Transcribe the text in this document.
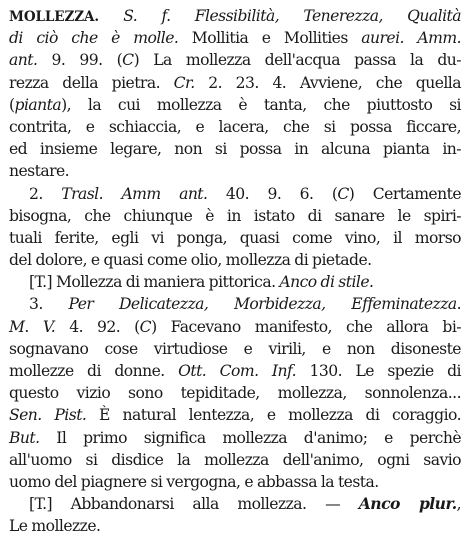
MOLLEZZA. S. f. Flessibilità, Tenerezza, Qualità
di ciò che è molle. Mollitia e Mollities aurei. Amm.
ant. 9. 99. (C) La mollezza dell'acqua passa la du-
rezza della pietra. Cr. 2. 23. 4. Avviene, che quella
(pianta), la cui mollezza è tanta, che piuttosto si
contrita, e schiaccia, e lacera, che si possa ficcare,
ed insieme legare, non si possa in alcuna pianta in-
nestare.
2. Trasl. Amm ant. 40. 9. 6. (C) Certamente
bisogna, che chiunque è in istato di sanare le spiri-
tuali ferite, egli vi ponga, quasi come vino, il morso
del dolore, e quasi come olio, mollezza di pietade.
[T.] Mollezza di maniera pittorica. Anco di stile.
3. Per Delicatezza, Morbidezza, Effeminatezza.
M. V. 4. 92. (C) Facevano manifesto, che allora bi-
sognavano cose virtudiose e virili, e non disoneste
mollezze di donne. Ott. Com. Inf. 130. Le spezie di
questo vizio sono tepiditade, mollezza, sonnolenza...
Sen. Pist. È natural lentezza, e mollezza di coraggio.
But. Il primo significa mollezza d'animo; e perchè
all'uomo si disdice la mollezza dell'animo, ogni savio
uomo del piagnere si vergogna, e abbassa la testa.
[T.] Abbandonarsi alla mollezza. — Anco plur.,
Le mollezze.
